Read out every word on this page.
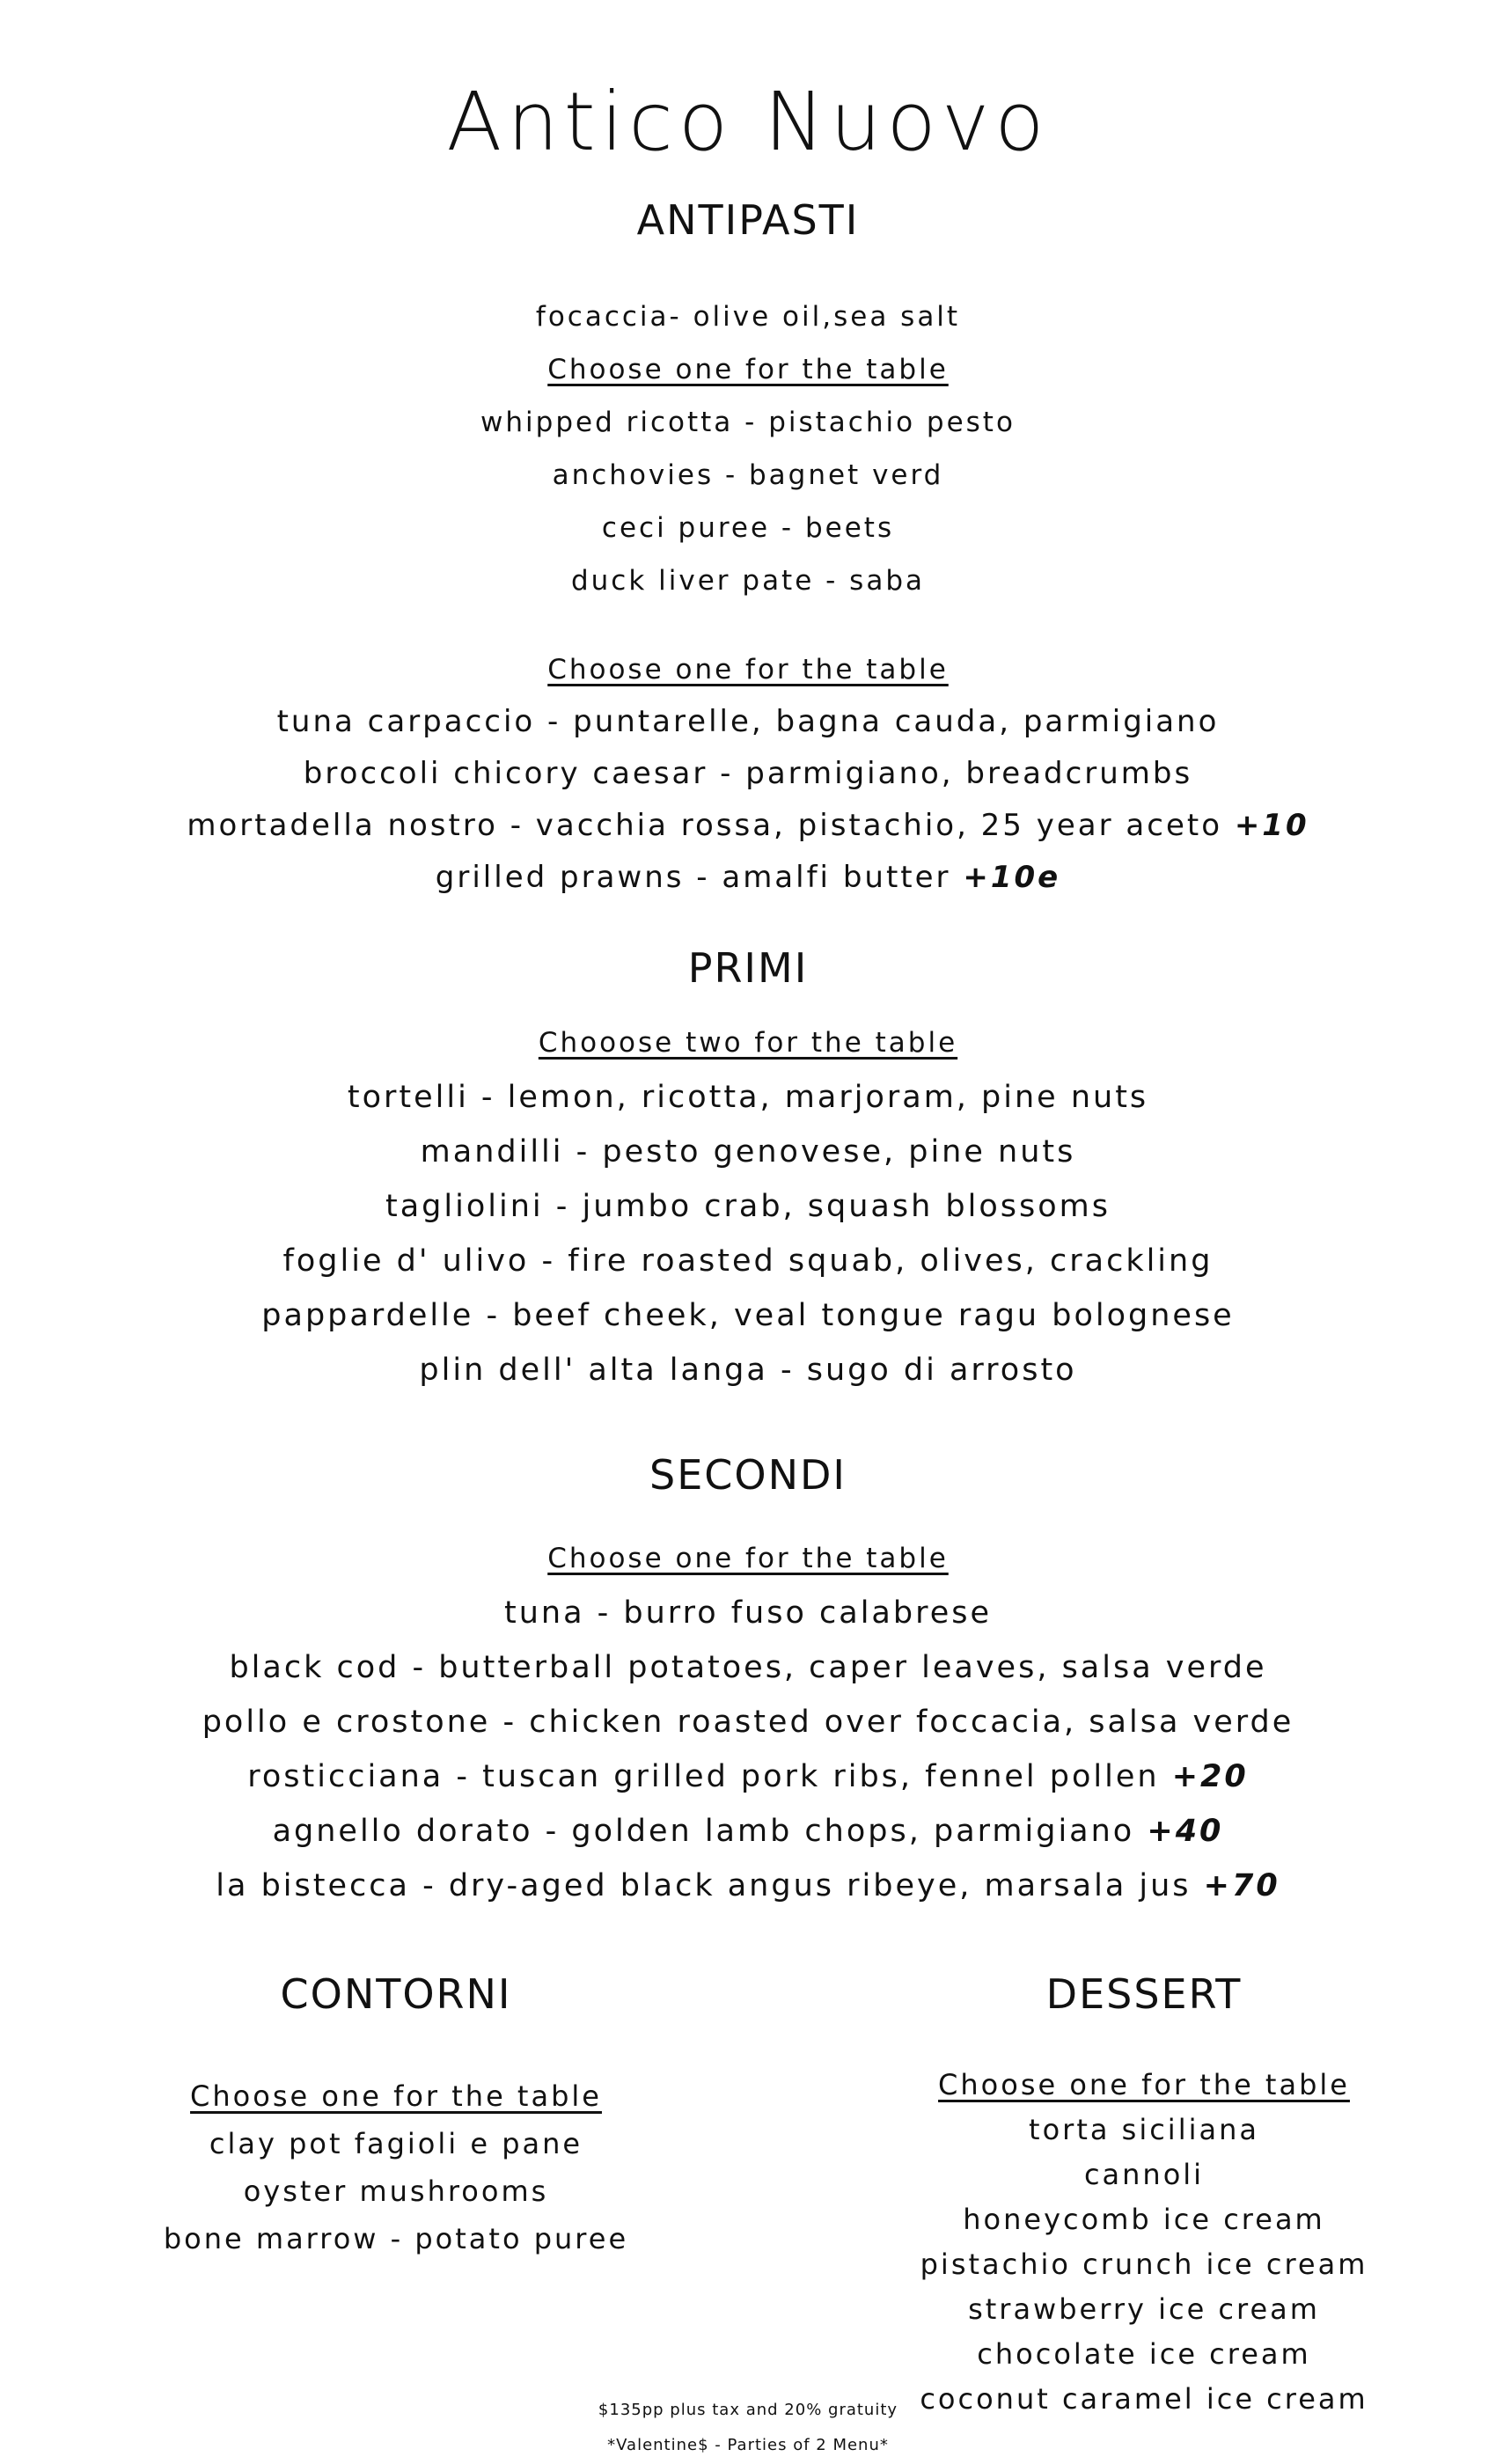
Antico Nuovo
ANTIPASTI
focaccia- olive oil,sea salt
Choose one for the table
whipped ricotta - pistachio pesto
anchovies - bagnet verd
ceci puree - beets
duck liver pate - saba
Choose one for the table
tuna carpaccio - puntarelle, bagna cauda, parmigiano
broccoli chicory caesar - parmigiano, breadcrumbs
mortadella nostro - vacchia rossa, pistachio, 25 year aceto +10
grilled prawns - amalfi butter +10e
PRIMI
Chooose two for the table
tortelli - lemon, ricotta, marjoram, pine nuts
mandilli - pesto genovese, pine nuts
tagliolini - jumbo crab, squash blossoms
foglie d' ulivo - fire roasted squab, olives, crackling
pappardelle - beef cheek, veal tongue ragu bolognese
plin dell' alta langa - sugo di arrosto
SECONDI
Choose one for the table
tuna - burro fuso calabrese
black cod - butterball potatoes, caper leaves, salsa verde
pollo e crostone - chicken roasted over foccacia, salsa verde
rosticciana - tuscan grilled pork ribs, fennel pollen +20
agnello dorato - golden lamb chops, parmigiano +40
la bistecca - dry-aged black angus ribeye, marsala jus +70
CONTORNI
Choose one for the table
clay pot fagioli e pane
oyster mushrooms
bone marrow - potato puree
DESSERT
Choose one for the table
torta siciliana
cannoli
honeycomb ice cream
pistachio crunch ice cream
strawberry ice cream
chocolate ice cream
coconut caramel ice cream
$135pp plus tax and 20% gratuity
*Valentine$ - Parties of 2 Menu*
